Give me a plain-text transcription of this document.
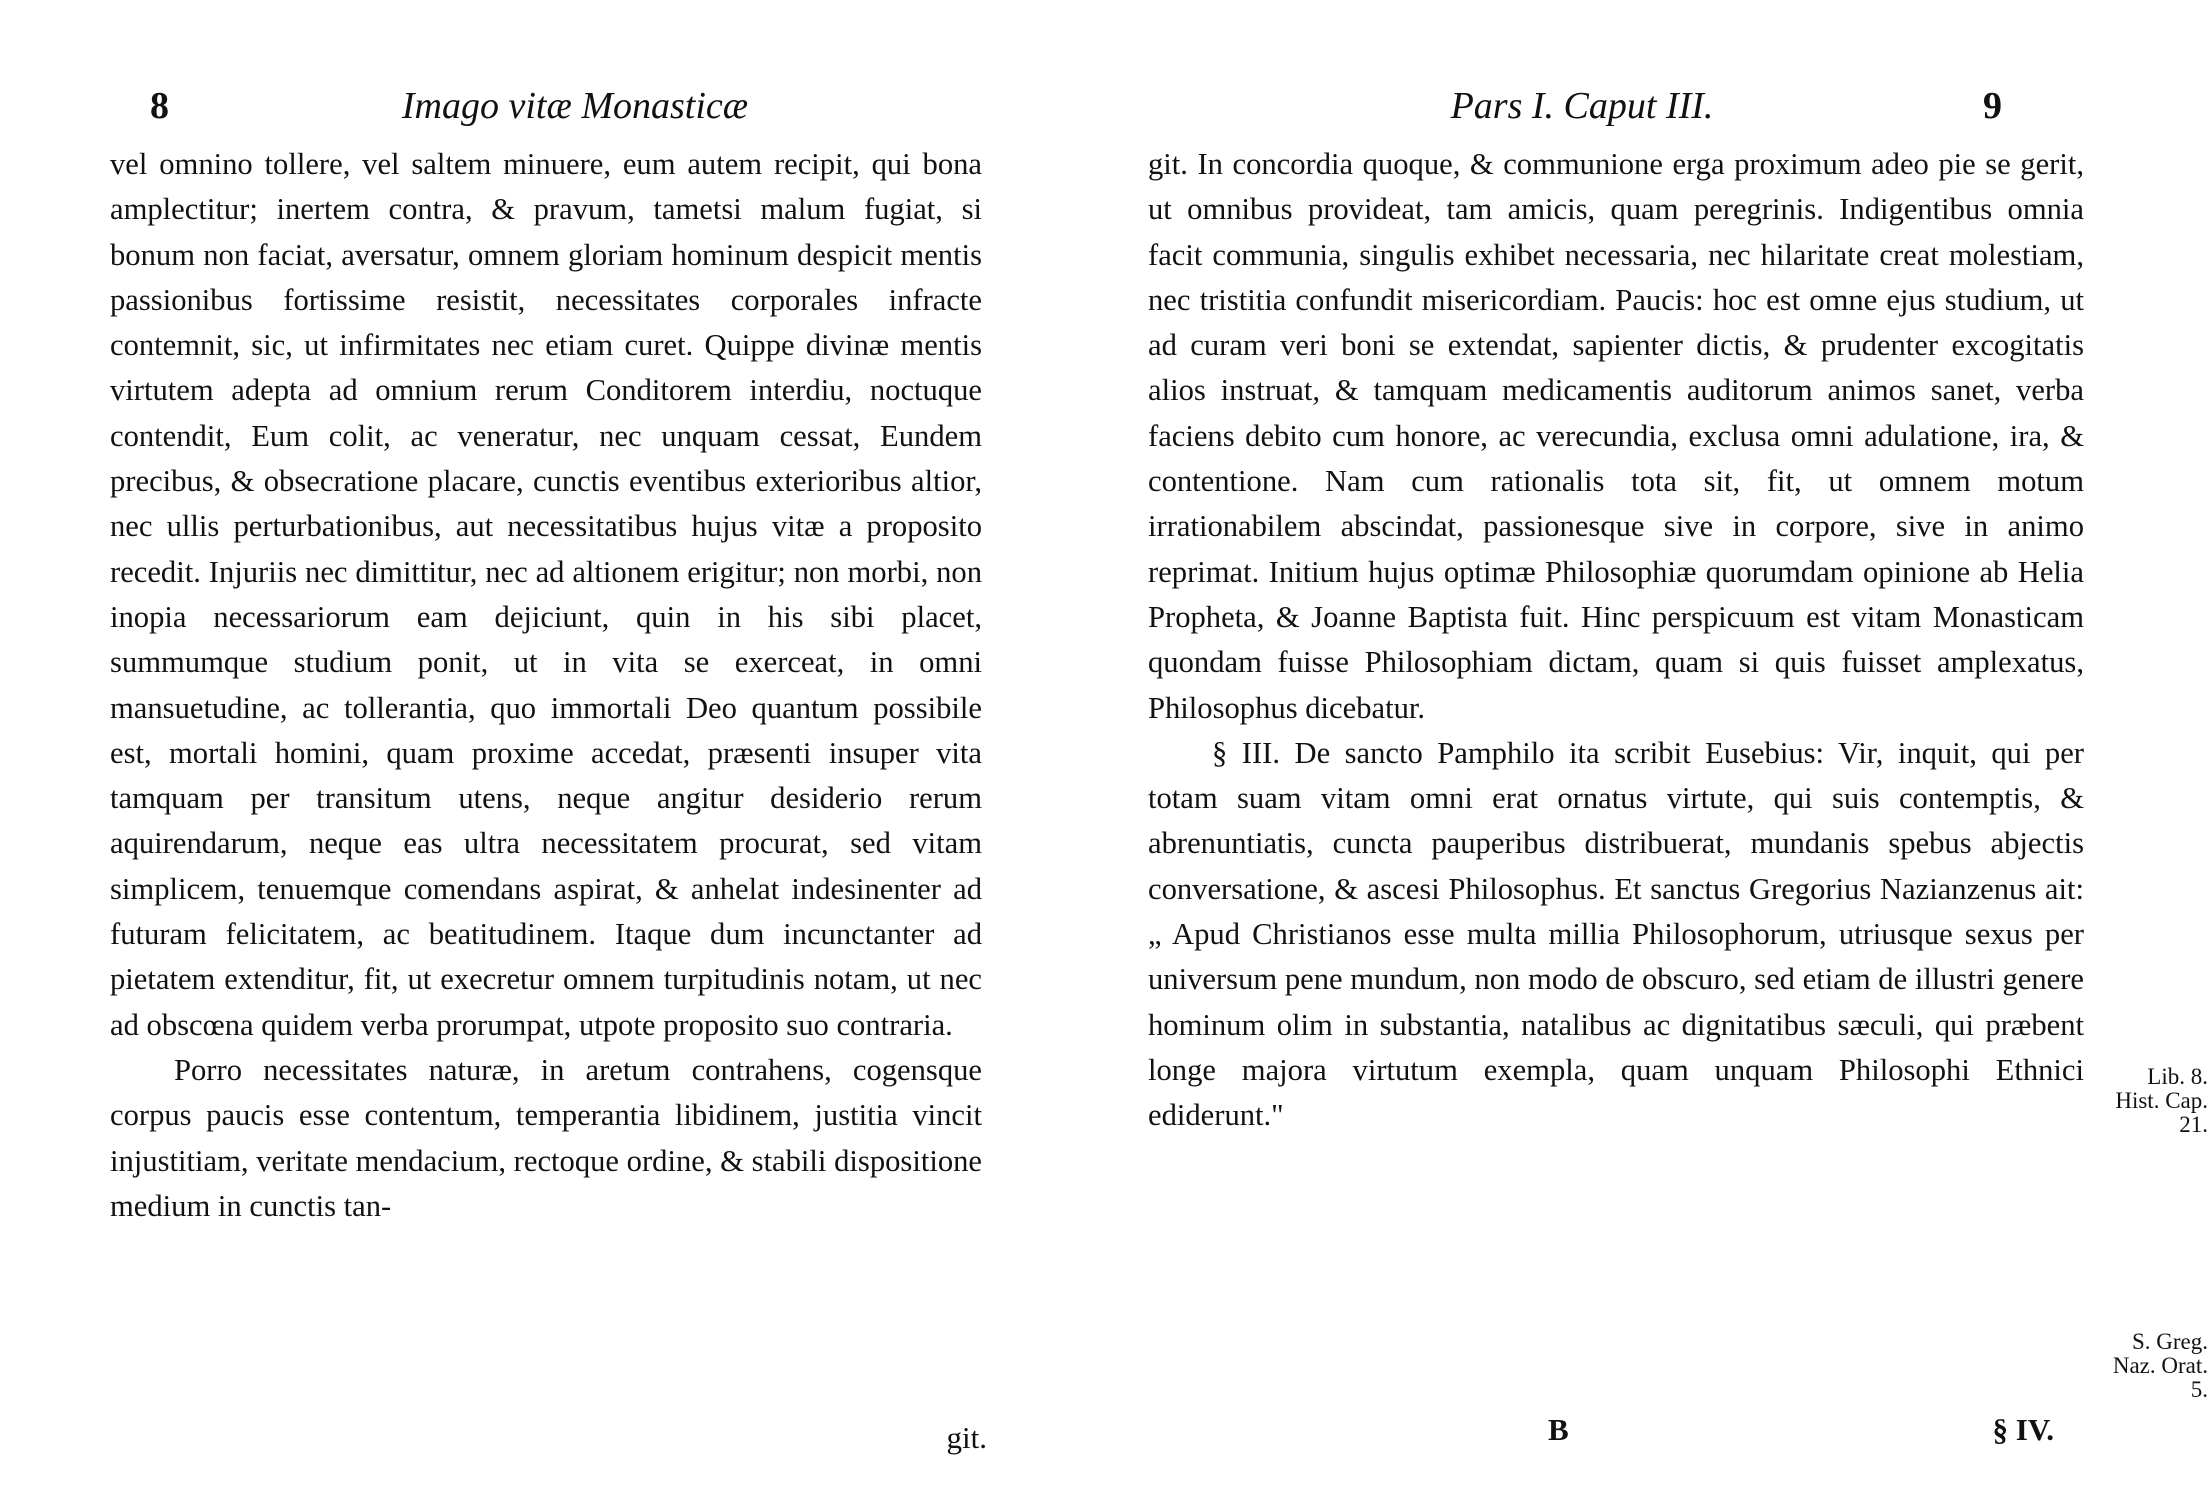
8	Imago vitæ Monasticæ

vel omnino tollere, vel saltem minuere, eum autem recipit, qui bona amplectitur; inertem contra, & pravum, tametsi malum fugiat, si bonum non faciat, aversatur, omnem gloriam hominum despicit mentis passionibus fortissime resistit, necessitates corporales infracte contemnit, sic, ut infirmitates nec etiam curet. Quippe divinæ mentis virtutem adepta ad omnium rerum Conditorem interdiu, noctuque contendit, Eum colit, ac veneratur, nec unquam cessat, Eundem precibus, & obsecratione placare, cunctis eventibus exterioribus altior, nec ullis perturbationibus, aut necessitatibus hujus vitæ a proposito recedit. Injuriis nec dimittitur, nec ad altionem erigitur; non morbi, non inopia necessariorum eam dejiciunt, quin in his sibi placet, summumque studium ponit, ut in vita se exerceat, in omni mansuetudine, ac tollerantia, quo immortali Deo quantum possibile est, mortali homini, quam proxime accedat, præsenti insuper vita tamquam per transitum utens, neque angitur desiderio rerum aquirendarum, neque eas ultra necessitatem procurat, sed vitam simplicem, tenuemque comendans aspirat, & anhelat indesinenter ad futuram felicitatem, ac beatitudinem. Itaque dum incunctanter ad pietatem extenditur, fit, ut execretur omnem turpitudinis notam, ut nec ad obscœna quidem verba prorumpat, utpote proposito suo contraria.

Porro necessitates naturæ, in aretum contrahens, cogensque corpus paucis esse contentum, temperantia libidinem, justitia vincit injustitiam, veritate mendacium, rectoque ordine, & stabili dispositione medium in cunctis tan-

git.
Pars I. Caput III.	9

git. In concordia quoque, & communione erga proximum adeo pie se gerit, ut omnibus provideat, tam amicis, quam peregrinis. Indigentibus omnia facit communia, singulis exhibet necessaria, nec hilaritate creat molestiam, nec tristitia confundit misericordiam. Paucis: hoc est omne ejus studium, ut ad curam veri boni se extendat, sapienter dictis, & prudenter excogitatis alios instruat, & tamquam medicamentis auditorum animos sanet, verba faciens debito cum honore, ac verecundia, exclusa omni adulatione, ira, & contentione. Nam cum rationalis tota sit, fit, ut omnem motum irrationabilem abscindat, passionesque sive in corpore, sive in animo reprimat. Initium hujus optimæ Philosophiæ quorumdam opinione ab Helia Propheta, & Joanne Baptista fuit. Hinc perspicuum est vitam Monasticam quondam fuisse Philosophiam dictam, quam si quis fuisset amplexatus, Philosophus dicebatur.

§ III. De sancto Pamphilo ita scribit Eusebius: Vir, inquit, qui per totam suam vitam omni erat ornatus virtute, qui suis contemptis, & abrenuntiatis, cuncta pauperibus distribuerat, mundanis spebus abjectis conversatione, & ascesi Philosophus. Et sanctus Gregorius Nazianzenus ait: „ Apud Christianos esse multa millia Philosophorum, utriusque sexus per universum pene mundum, non modo de obscuro, sed etiam de illustri genere hominum olim in substantia, natalibus ac dignitatibus sæculi, qui præbent longe majora virtutum exempla, quam unquam Philosophi Ethnici ediderunt."

Lib. 8.
Hist. Cap.
21.
S. Greg.
Naz. Orat.
5.
B	§ IV.
